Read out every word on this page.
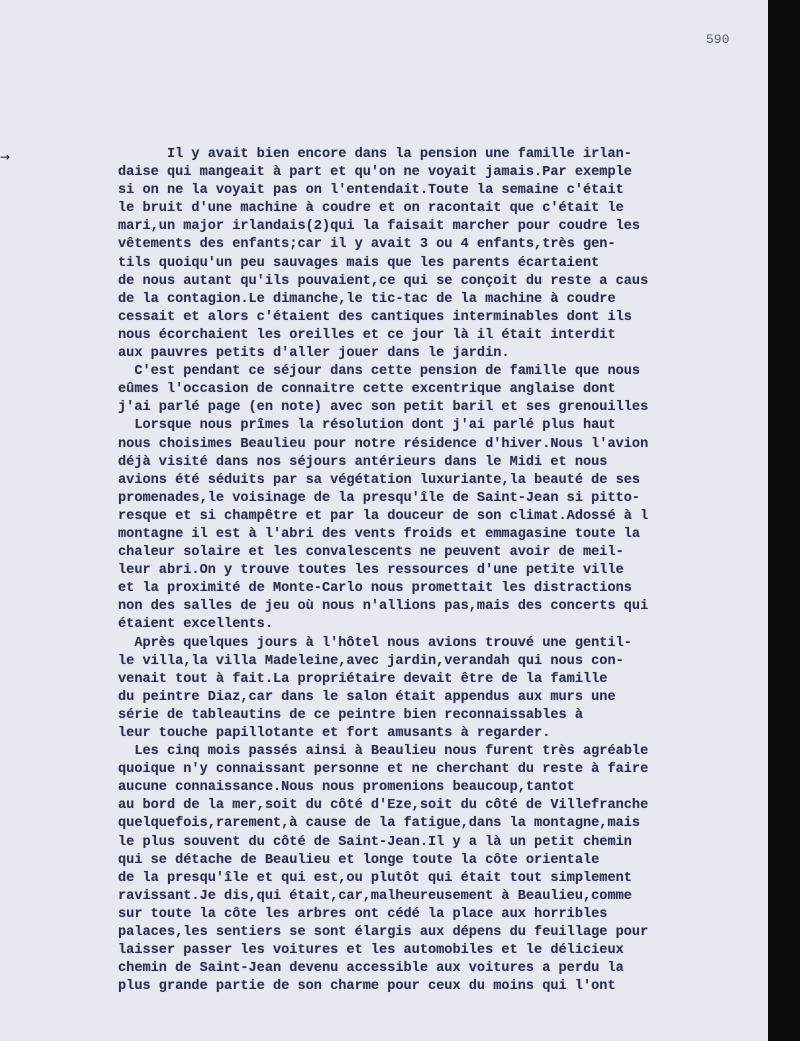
590
→	Il y avait bien encore dans la pension une famille irlan-
daise qui mangeait à part et qu'on ne voyait jamais.Par exemple
si on ne la voyait pas on l'entendait.Toute la semaine c'était
le bruit d'une machine à coudre et on racontait que c'était le
mari,un major irlandais(2)qui la faisait marcher pour coudre les
vêtements des enfants;car il y avait 3 ou 4 enfants,très gen-
tils quoiqu'un peu sauvages mais que les parents écartaient
de nous autant qu'ils pouvaient,ce qui se conçoit du reste a caus
de la contagion.Le dimanche,le tic-tac de la machine à coudre
cessait et alors c'étaient des cantiques interminables dont ils
nous écorchaient les oreilles et ce jour là il était interdit
aux pauvres petits d'aller jouer dans le jardin.
C'est pendant ce séjour dans cette pension de famille que nous
eûmes l'occasion de connaitre cette excentrique anglaise dont
j'ai parlé page (en note) avec son petit baril et ses grenouilles
Lorsque nous prîmes la résolution dont j'ai parlé plus haut
nous choisimes Beaulieu pour notre résidence d'hiver.Nous l'avion
déjà visité dans nos séjours antérieurs dans le Midi et nous
avions été séduits par sa végétation luxuriante,la beauté de ses
promenades,le voisinage de la presqu'île de Saint-Jean si pitto-
resque et si champêtre et par la douceur de son climat.Adossé à l
montagne il est à l'abri des vents froids et emmagasine toute la
chaleur solaire et les convalescents ne peuvent avoir de meil-
leur abri.On y trouve toutes les ressources d'une petite ville
et la proximité de Monte-Carlo nous promettait les distractions
non des salles de jeu où nous n'allions pas,mais des concerts qui
étaient excellents.
Après quelques jours à l'hôtel nous avions trouvé une gentil-
le villa,la villa Madeleine,avec jardin,verandah qui nous con-
venait tout à fait.La propriétaire devait être de la famille
du peintre Diaz,car dans le salon était appendus aux murs une
série de tableautins de ce peintre bien reconnaissables à
leur touche papillotante et fort amusants à regarder.
Les cinq mois passés ainsi à Beaulieu nous furent très agréable
quoique n'y connaissant personne et ne cherchant du reste à faire
aucune connaissance.Nous nous promenions beaucoup,tantot
au bord de la mer,soit du côté d'Eze,soit du côté de Villefranche
quelquefois,rarement,à cause de la fatigue,dans la montagne,mais
le plus souvent du côté de Saint-Jean.Il y a là un petit chemin
qui se détache de Beaulieu et longe toute la côte orientale
de la presqu'île et qui est,ou plutôt qui était tout simplement
ravissant.Je dis,qui était,car,malheureusement à Beaulieu,comme
sur toute la côte les arbres ont cédé la place aux horribles
palaces,les sentiers se sont élargis aux dépens du feuillage pour
laisser passer les voitures et les automobiles et le délicieux
chemin de Saint-Jean devenu accessible aux voitures a perdu la
plus grande partie de son charme pour ceux du moins qui l'ont
